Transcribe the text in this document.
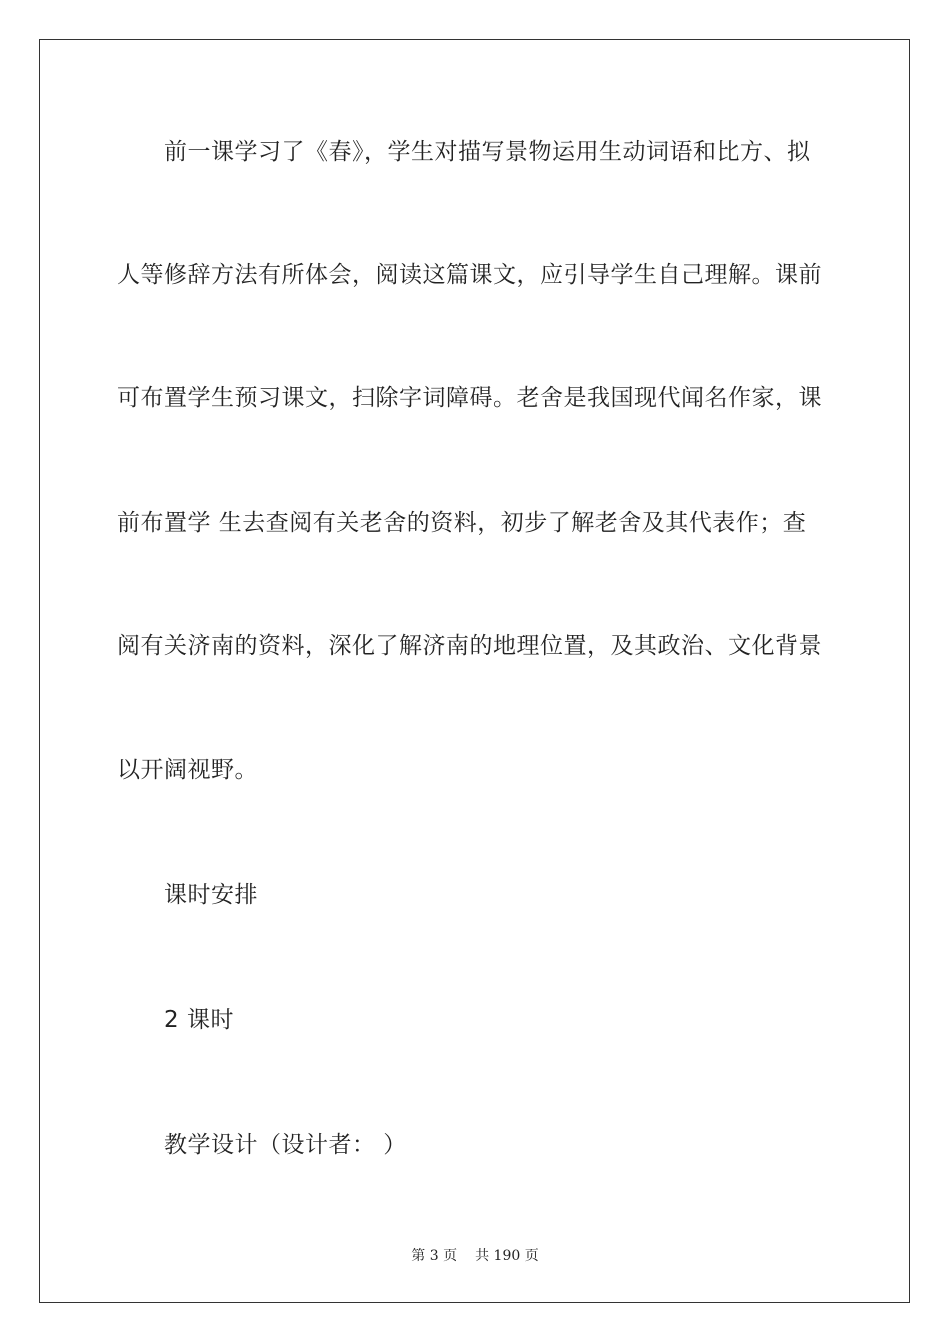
前一课学习了《春》，学生对描写景物运用生动词语和比方、拟
人等修辞方法有所体会，阅读这篇课文，应引导学生自己理解。课前
可布置学生预习课文，扫除字词障碍。老舍是我国现代闻名作家，课
前布置学 生去查阅有关老舍的资料，初步了解老舍及其代表作；查
阅有关济南的资料，深化了解济南的地理位置，及其政治、文化背景
以开阔视野。
课时安排
2 课时
教学设计（设计者： ）
第 3 页 共 190 页
